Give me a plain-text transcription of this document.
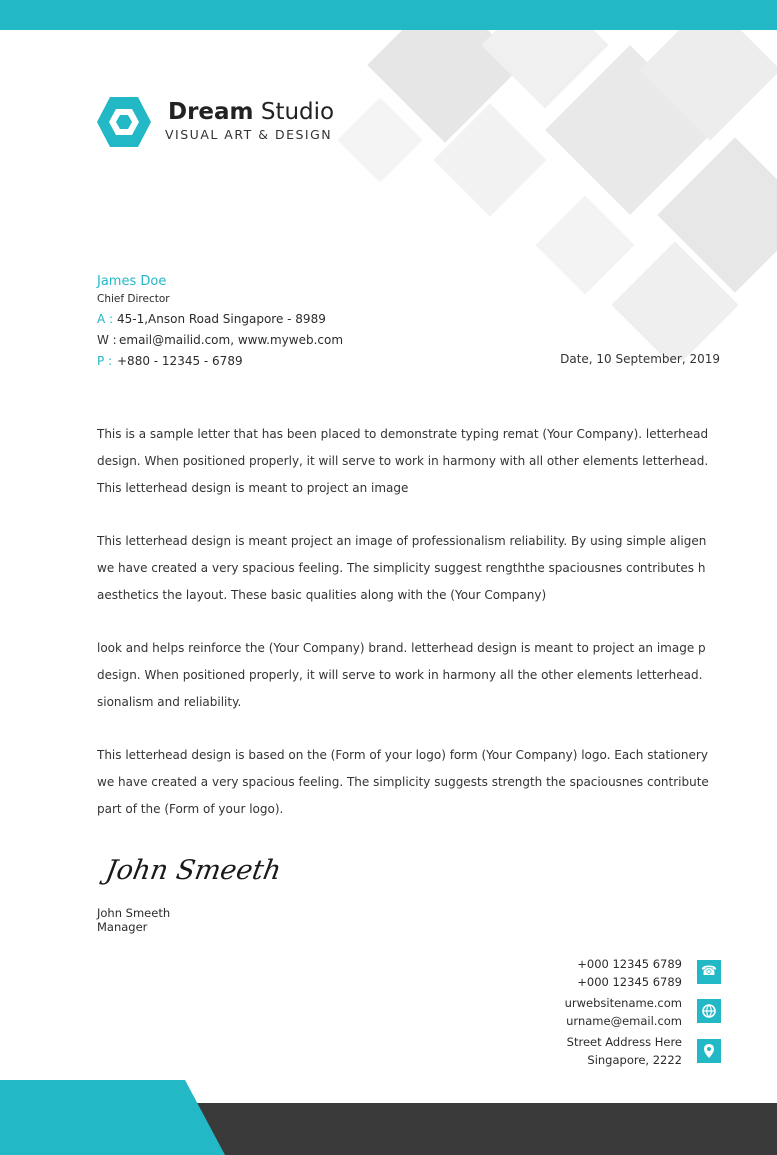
Dream Studio
VISUAL ART & DESIGN
James Doe
Chief Director
A : 45-1,Anson Road Singapore - 8989
W : email@mailid.com, www.myweb.com
P : +880 - 12345 - 6789	Date, 10 September, 2019

This is a sample letter that has been placed to demonstrate typing remat (Your Company). letterhead
design. When positioned properly, it will serve to work in harmony with all other elements letterhead.
This letterhead design is meant to project an image

This letterhead design is meant project an image of professionalism reliability. By using simple aligen
we have created a very spacious feeling. The simplicity suggest rengththe spaciousnes contributes h
aesthetics the layout. These basic qualities along with the (Your Company)

look and helps reinforce the (Your Company) brand. letterhead design is meant to project an image p
design. When positioned properly, it will serve to work in harmony all the other elements letterhead.
sionalism and reliability.

This letterhead design is based on the (Form of your logo) form (Your Company) logo. Each stationery
we have created a very spacious feeling. The simplicity suggests strength the spaciousnes contribute
part of the (Form of your logo).

John Smeeth
John Smeeth
Manager
+000 12345 6789
+000 12345 6789
☎
urwebsitename.com
urname@email.com
Street Address Here
Singapore, 2222
